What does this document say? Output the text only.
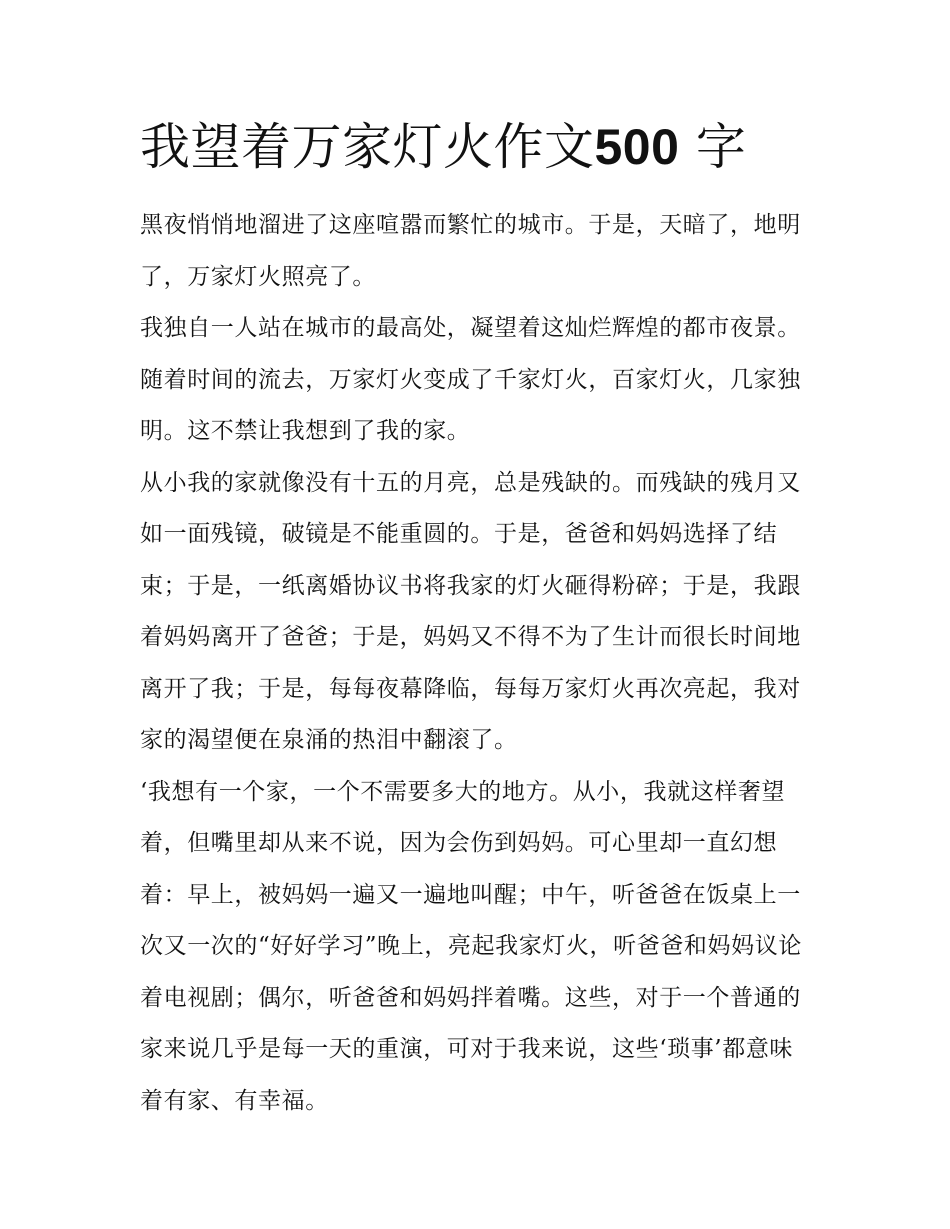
我望着万家灯火作文500 字

黑夜悄悄地溜进了这座喧嚣而繁忙的城市。于是，天暗了，地明了，万家灯火照亮了。

我独自一人站在城市的最高处，凝望着这灿烂辉煌的都市夜景。随着时间的流去，万家灯火变成了千家灯火，百家灯火，几家独明。这不禁让我想到了我的家。

从小我的家就像没有十五的月亮，总是残缺的。而残缺的残月又如一面残镜，破镜是不能重圆的。于是，爸爸和妈妈选择了结束；于是，一纸离婚协议书将我家的灯火砸得粉碎；于是，我跟着妈妈离开了爸爸；于是，妈妈又不得不为了生计而很长时间地离开了我；于是，每每夜幕降临，每每万家灯火再次亮起，我对家的渴望便在泉涌的热泪中翻滚了。

‘我想有一个家，一个不需要多大的地方。从小，我就这样奢望着，但嘴里却从来不说，因为会伤到妈妈。可心里却一直幻想着：早上，被妈妈一遍又一遍地叫醒；中午，听爸爸在饭桌上一次又一次的“好好学习”晚上，亮起我家灯火，听爸爸和妈妈议论着电视剧；偶尔，听爸爸和妈妈拌着嘴。这些，对于一个普通的家来说几乎是每一天的重演，可对于我来说，这些‘琐事’都意味着有家、有幸福。
